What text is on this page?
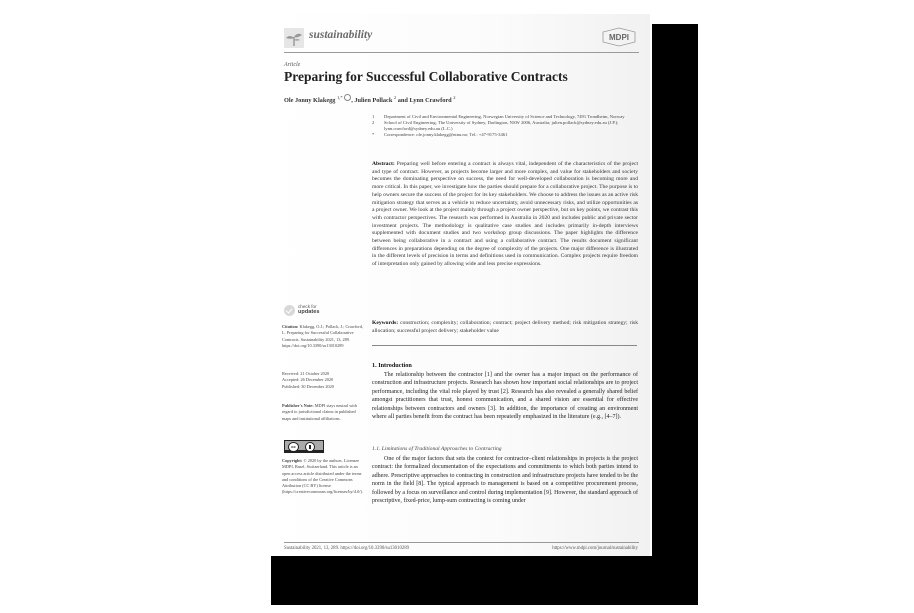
sustainability	MDPI
Article
Preparing for Successful Collaborative Contracts
Ole Jonny Klakegg $^{1,*}$ , Julien Pollack $^2$ and Lynn Crawford $^2$
1 Department of Civil and Environmental Engineering, Norwegian University of Science and Technology, 7491 Trondheim, Norway
2 School of Civil Engineering, The University of Sydney, Darlington, NSW 2006, Australia; julien.pollack@sydney.edu.au (J.P.); lynn.crawford@sydney.edu.au (L.C.)
* Correspondence: ole.jonny.klakegg@ntnu.no; Tel.: +47-9175-3461
Abstract: Preparing well before entering a contract is always vital, independent of the characteristics of the project and type of contract. However, as projects become larger and more complex, and value for stakeholders and society becomes the dominating perspective on success, the need for well-developed collaboration is becoming more and more critical. In this paper, we investigate how the parties should prepare for a collaborative project. The purpose is to help owners secure the success of the project for its key stakeholders. We choose to address the issues as an active risk mitigation strategy that serves as a vehicle to reduce uncertainty, avoid unnecessary risks, and utilize opportunities as a project owner. We look at the project mainly through a project owner perspective, but on key points, we contrast this with contractor perspectives. The research was performed in Australia in 2020 and includes public and private sector investment projects. The methodology is qualitative case studies and includes primarily in-depth interviews supplemented with document studies and two workshop group discussions. The paper highlights the difference between being collaborative in a contract and using a collaborative contract. The results document significant differences in preparations depending on the degree of complexity of the projects. One major difference is illustrated in the different levels of precision in terms and definitions used in communication. Complex projects require freedom of interpretation only gained by allowing wide and less precise expressions.
Keywords: construction; complexity; collaboration; contract; project delivery method; risk mitigation strategy; risk allocation; successful project delivery; stakeholder value
1. Introduction
The relationship between the contractor [1] and the owner has a major impact on the performance of construction and infrastructure projects. Research has shown how important social relationships are to project performance, including the vital role played by trust [2]. Research has also revealed a generally shared belief amongst practitioners that trust, honest communication, and a shared vision are essential for effective relationships between contractors and owners [3]. In addition, the importance of creating an environment where all parties benefit from the contract has been repeatedly emphasized in the literature (e.g., [4–7]).
1.1. Limitations of Traditional Approaches to Contracting
One of the major factors that sets the context for contractor–client relationships in projects is the project contract: the formalized documentation of the expectations and commitments to which both parties intend to adhere. Prescriptive approaches to contracting in construction and infrastructure projects have tended to be the norm in the field [8]. The typical approach to management is based on a competitive procurement process, followed by a focus on surveillance and control during implementation [9]. However, the standard approach of prescriptive, fixed-price, lump-sum contracting is coming under
check for
updates
Citation: Klakegg, O.J.; Pollack, J.; Crawford, L. Preparing for Successful Collaborative Contracts. Sustainability 2021, 13, 289. https://doi.org/10.3390/su13010289
Received: 21 October 2020
Accepted: 26 December 2020
Published: 30 December 2020
Publisher's Note: MDPI stays neutral with regard to jurisdictional claims in published maps and institutional affiliations.
cc
Copyright: © 2020 by the authors. Licensee MDPI, Basel, Switzerland. This article is an open access article distributed under the terms and conditions of the Creative Commons Attribution (CC BY) license (https://creativecommons.org/licenses/by/4.0/).
Sustainability 2021, 13, 289. https://doi.org/10.3390/su13010289	https://www.mdpi.com/journal/sustainability
